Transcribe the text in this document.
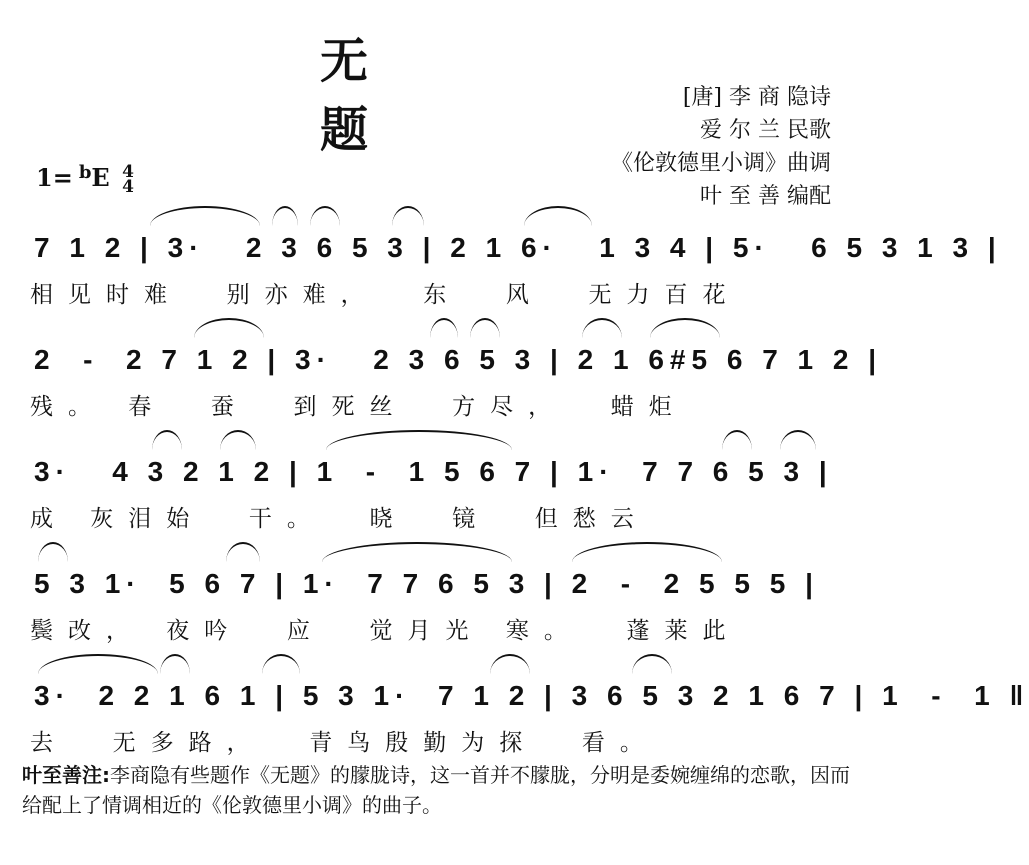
无 题
[唐] 李 商 隐诗
爱 尔 兰 民歌
《伦敦德里小调》曲调
叶 至 善 编配
1= $^b$E 4
4
7 1 2 | 3·   2 3 6 5 3 | 2 1 6·   1 3 4 | 5·   6 5 3 1 3 |
相见时难  别亦难，  东  风  无力百花
2  -  2 7 1 2 | 3·   2 3 6 5 3 | 2 1 6#5 6 7 1 2 |
残。 春  蚕  到死丝  方尽，  蜡炬
3·   4 3 2 1 2 | 1  -  1 5 6 7 | 1·  7 7 6 5 3 |
成 灰泪始  干。  晓  镜  但愁云
5 3 1·  5 6 7 | 1·  7 7 6 5 3 | 2  -  2 5 5 5 |
鬓改， 夜吟  应  觉月光 寒。  蓬莱此
3·  2 2 1 6 1 | 5 3 1·  7 1 2 | 3 6 5 3 2 1 6 7 | 1  -  1 ‖
去  无多路，  青鸟殷勤为探  看。
叶至善注:李商隐有些题作《无题》的朦胧诗，这一首并不朦胧，分明是委婉缠绵的恋歌，因而给配上了情调相近的《伦敦德里小调》的曲子。
